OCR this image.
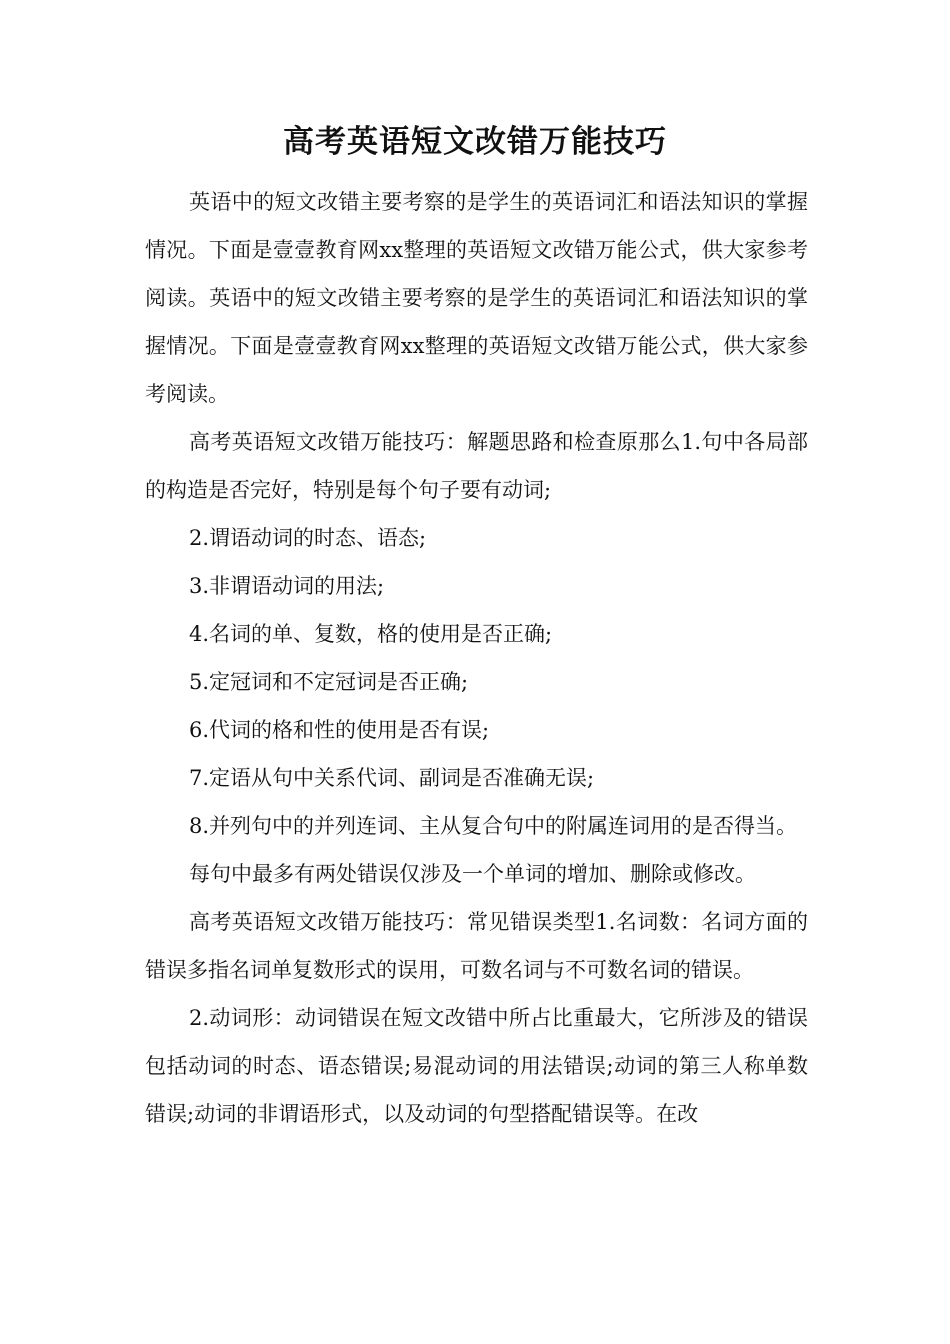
高考英语短文改错万能技巧

英语中的短文改错主要考察的是学生的英语词汇和语法知识的掌握情况。下面是壹壹教育网xx整理的英语短文改错万能公式，供大家参考阅读。英语中的短文改错主要考察的是学生的英语词汇和语法知识的掌握情况。下面是壹壹教育网xx整理的英语短文改错万能公式，供大家参考阅读。

高考英语短文改错万能技巧：解题思路和检查原那么1.句中各局部的构造是否完好，特别是每个句子要有动词;

2.谓语动词的时态、语态;

3.非谓语动词的用法;

4.名词的单、复数，格的使用是否正确;

5.定冠词和不定冠词是否正确;

6.代词的格和性的使用是否有误;

7.定语从句中关系代词、副词是否准确无误;

8.并列句中的并列连词、主从复合句中的附属连词用的是否得当。

每句中最多有两处错误仅涉及一个单词的增加、删除或修改。

高考英语短文改错万能技巧：常见错误类型1.名词数：名词方面的错误多指名词单复数形式的误用，可数名词与不可数名词的错误。

2.动词形：动词错误在短文改错中所占比重最大，它所涉及的错误包括动词的时态、语态错误;易混动词的用法错误;动词的第三人称单数错误;动词的非谓语形式，以及动词的句型搭配错误等。在改
